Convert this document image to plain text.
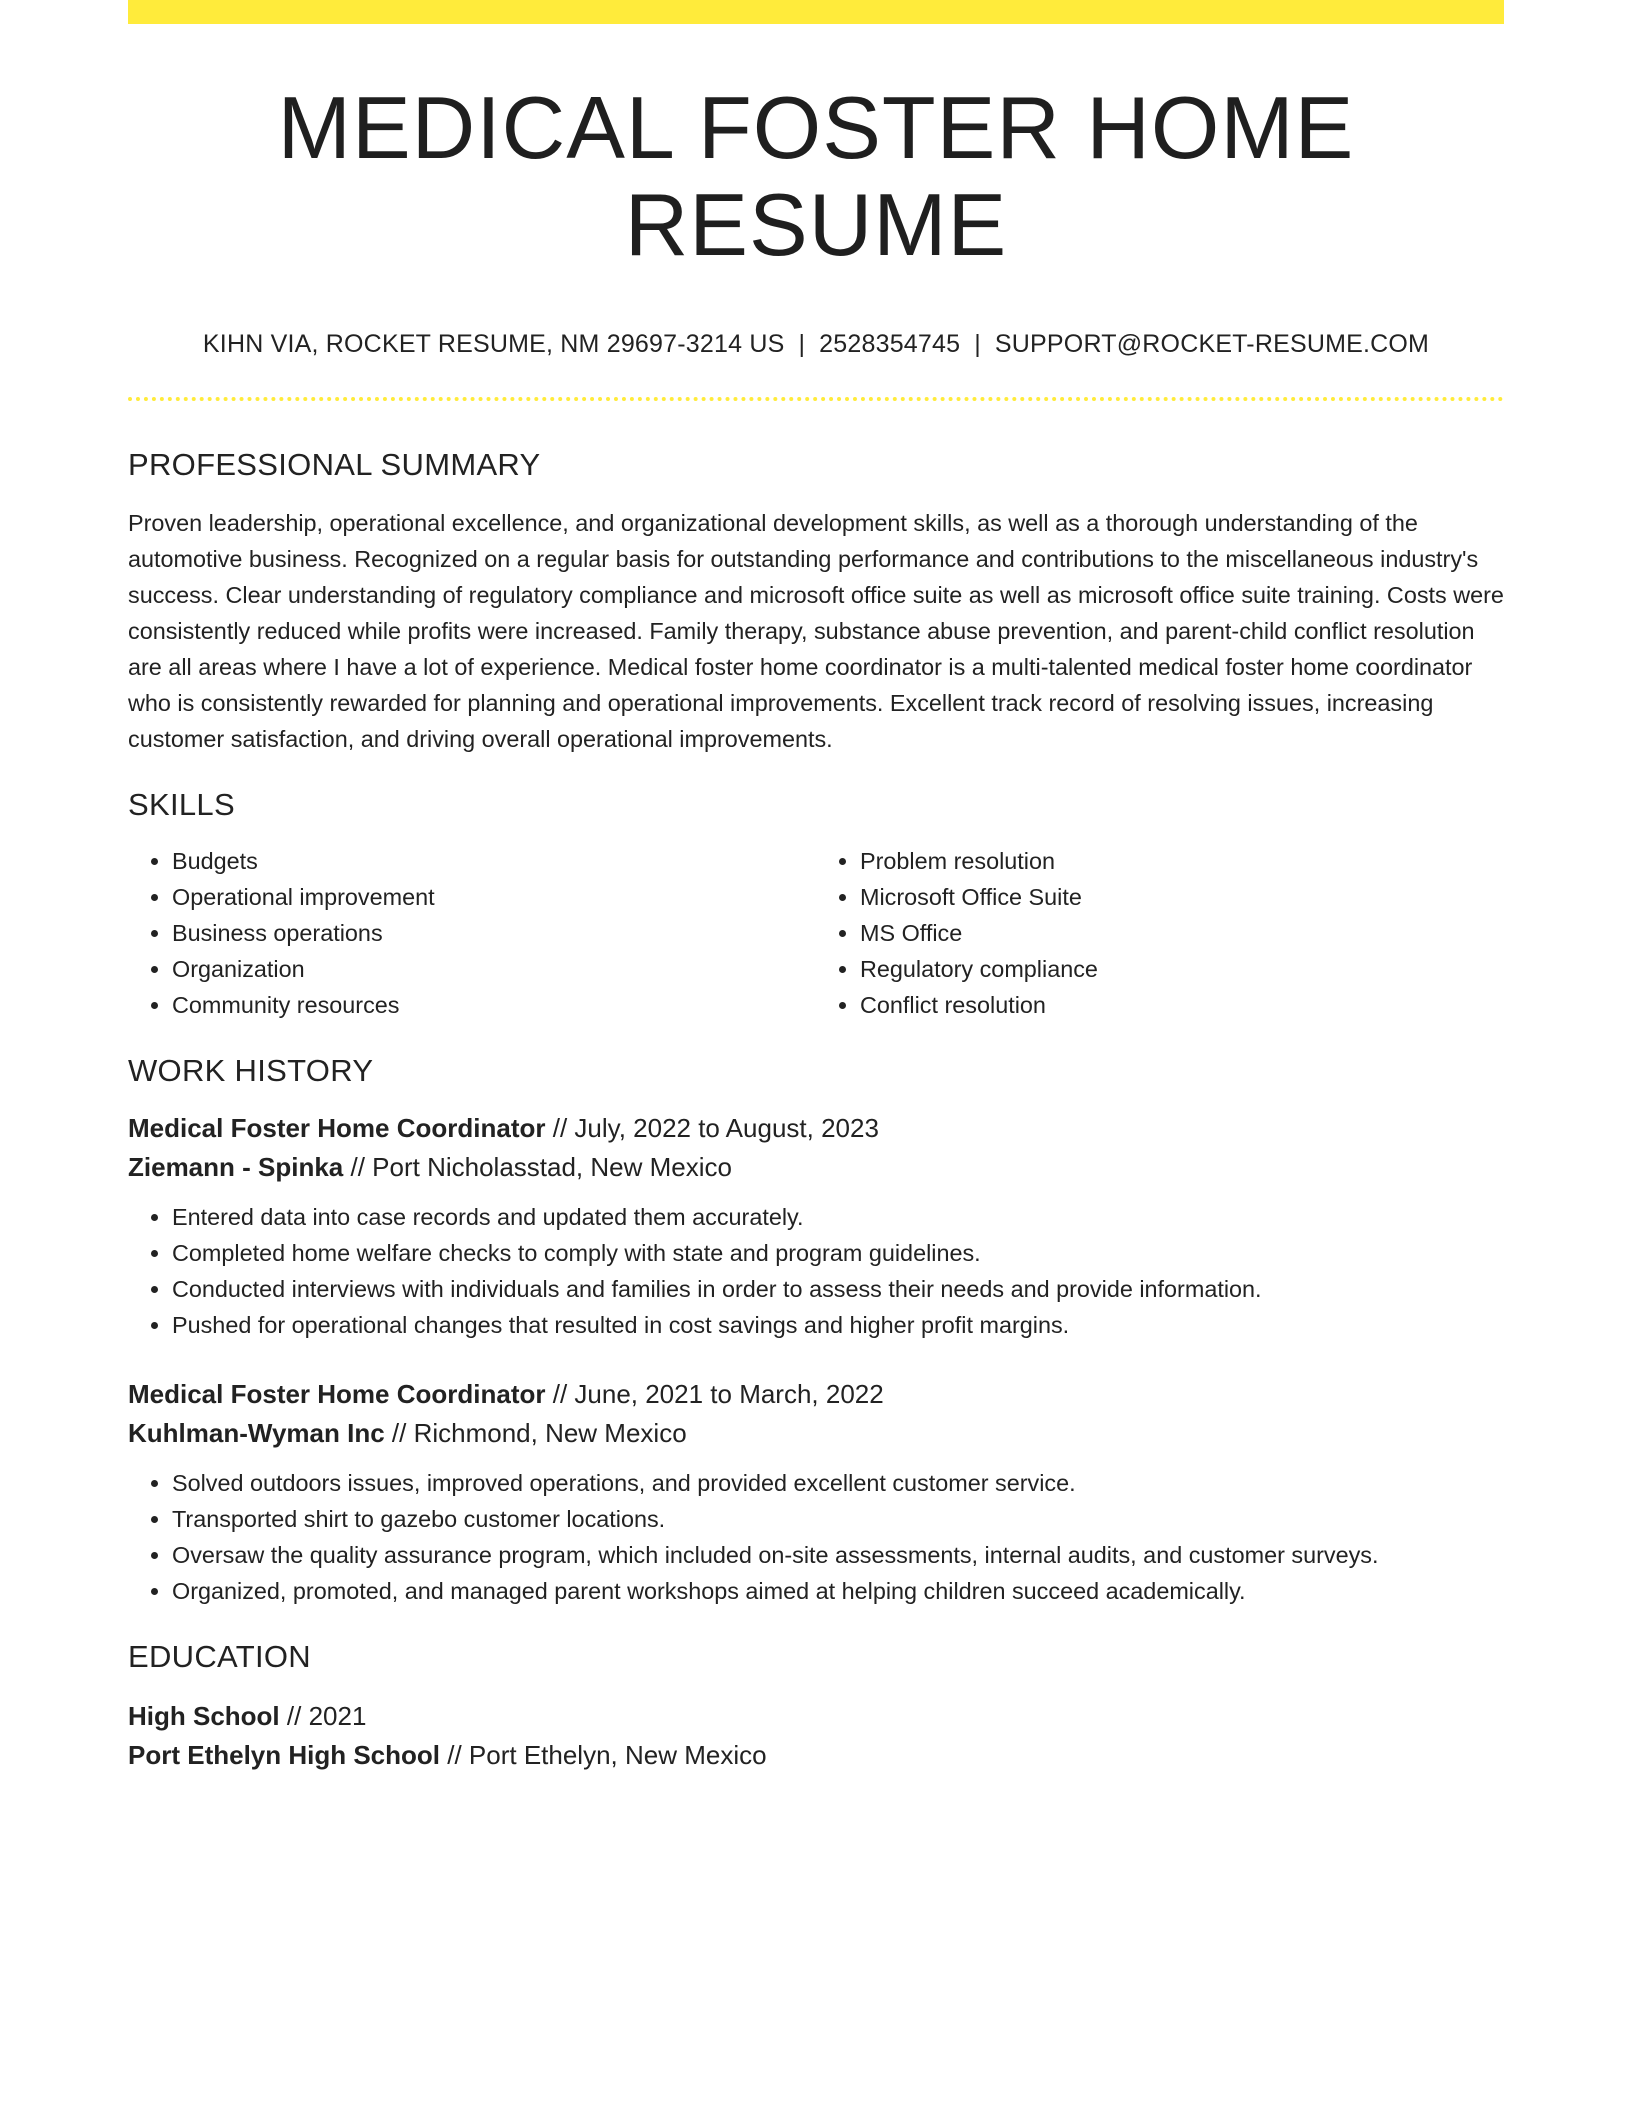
MEDICAL FOSTER HOME RESUME
KIHN VIA, ROCKET RESUME, NM 29697-3214 US | 2528354745 | SUPPORT@ROCKET-RESUME.COM
PROFESSIONAL SUMMARY
Proven leadership, operational excellence, and organizational development skills, as well as a thorough understanding of the automotive business. Recognized on a regular basis for outstanding performance and contributions to the miscellaneous industry's success. Clear understanding of regulatory compliance and microsoft office suite as well as microsoft office suite training. Costs were consistently reduced while profits were increased. Family therapy, substance abuse prevention, and parent-child conflict resolution are all areas where I have a lot of experience. Medical foster home coordinator is a multi-talented medical foster home coordinator who is consistently rewarded for planning and operational improvements. Excellent track record of resolving issues, increasing customer satisfaction, and driving overall operational improvements.
SKILLS
• Budgets
• Operational improvement
• Business operations
• Organization
• Community resources
• Problem resolution
• Microsoft Office Suite
• MS Office
• Regulatory compliance
• Conflict resolution
WORK HISTORY
Medical Foster Home Coordinator // July, 2022 to August, 2023
Ziemann - Spinka // Port Nicholasstad, New Mexico
• Entered data into case records and updated them accurately.
• Completed home welfare checks to comply with state and program guidelines.
• Conducted interviews with individuals and families in order to assess their needs and provide information.
• Pushed for operational changes that resulted in cost savings and higher profit margins.
Medical Foster Home Coordinator // June, 2021 to March, 2022
Kuhlman-Wyman Inc // Richmond, New Mexico
• Solved outdoors issues, improved operations, and provided excellent customer service.
• Transported shirt to gazebo customer locations.
• Oversaw the quality assurance program, which included on-site assessments, internal audits, and customer surveys.
• Organized, promoted, and managed parent workshops aimed at helping children succeed academically.
EDUCATION
High School // 2021
Port Ethelyn High School // Port Ethelyn, New Mexico
